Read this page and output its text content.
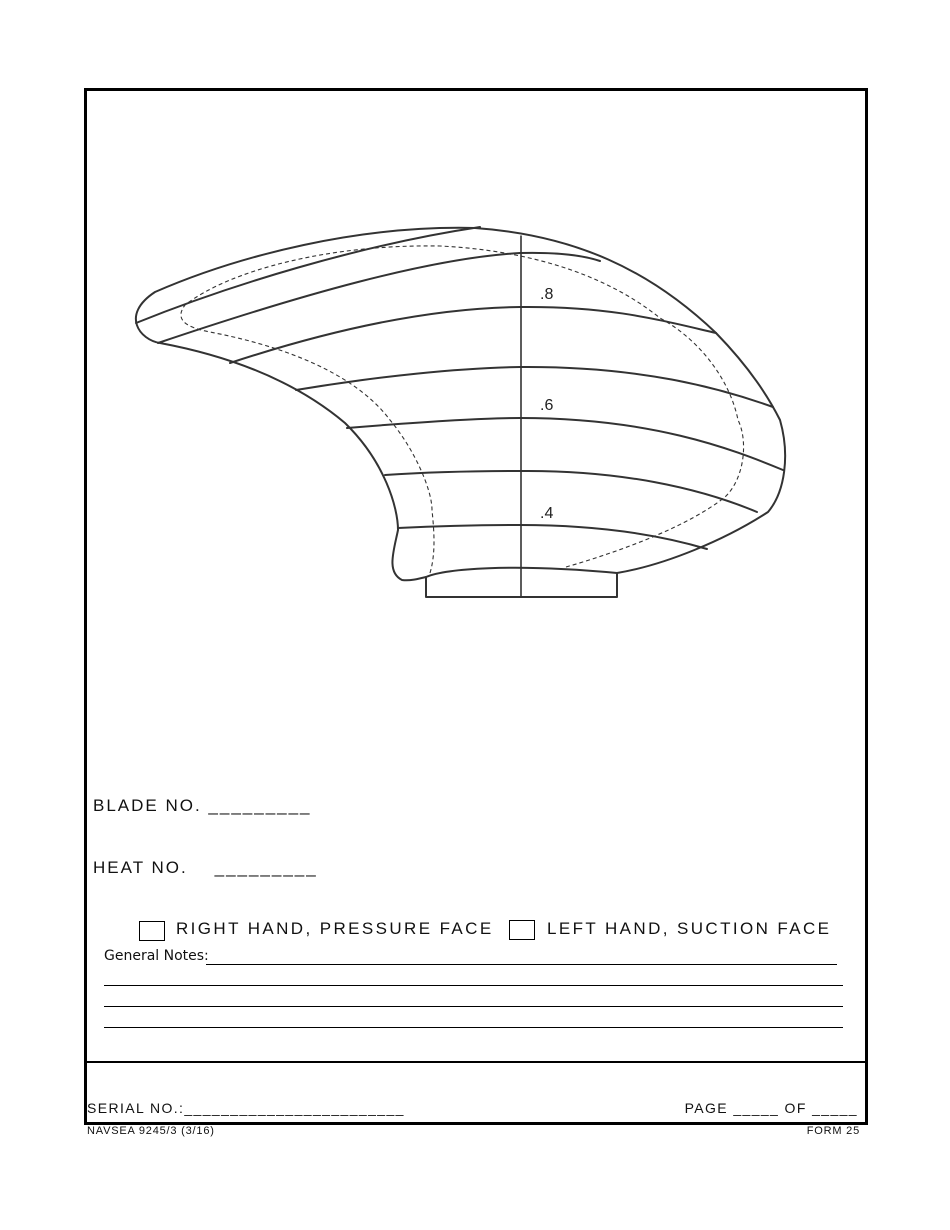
.8
.6
.4
BLADE NO. _________
HEAT NO.    _________
RIGHT HAND, PRESSURE FACE	LEFT HAND, SUCTION FACE
General Notes:
SERIAL NO.:________________________	PAGE _____ OF _____
NAVSEA 9245/3 (3/16)	FORM 25
